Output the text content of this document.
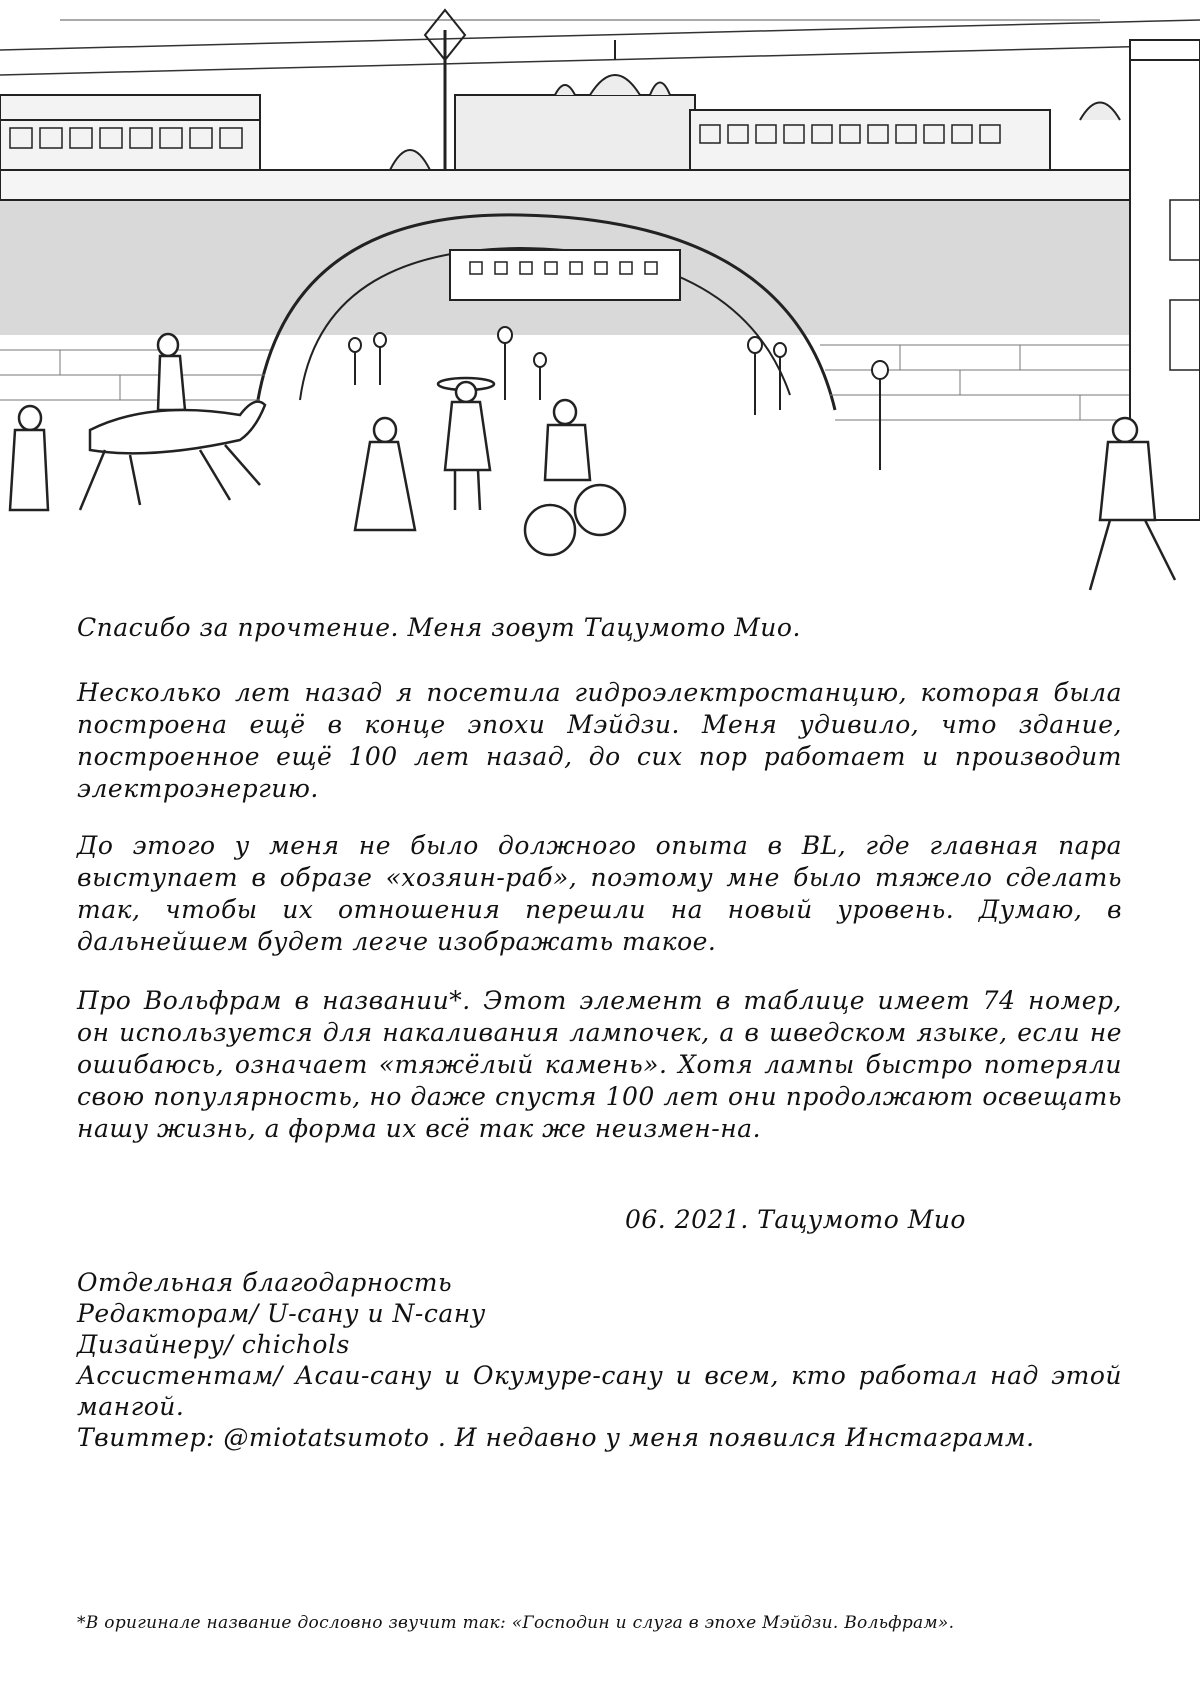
Спасибо за прочтение. Меня зовут Тацумото Мио.

Несколько лет назад я посетила гидроэлектростанцию, которая была построена ещё в конце эпохи Мэйдзи. Меня удивило, что здание, построенное ещё 100 лет назад, до сих пор работает и производит электроэнергию.

До этого у меня не было должного опыта в BL, где главная пара выступает в образе «хозяин-раб», поэтому мне было тяжело сделать так, чтобы их отношения перешли на новый уровень. Думаю, в дальнейшем будет легче изображать такое.

Про Вольфрам в названии*. Этот элемент в таблице имеет 74 номер, он используется для накаливания лампочек, а в шведском языке, если не ошибаюсь, означает «тяжёлый камень». Хотя лампы быстро потеряли свою популярность, но даже спустя 100 лет они продолжают освещать нашу жизнь, а форма их всё так же неизмен-на.

06. 2021. Тацумото Мио
Отдельная благодарность
Редакторам/ U-сану и N-сану
Дизайнеру/ chichols
Ассистентам/ Асаи-сану и Окумуре-сану и всем, кто работал над этой мангой.
Твиттер: @miotatsumoto . И недавно у меня появился Инстаграмм.
*В оригинале название дословно звучит так: «Господин и слуга в эпохе Мэйдзи. Вольфрам».
